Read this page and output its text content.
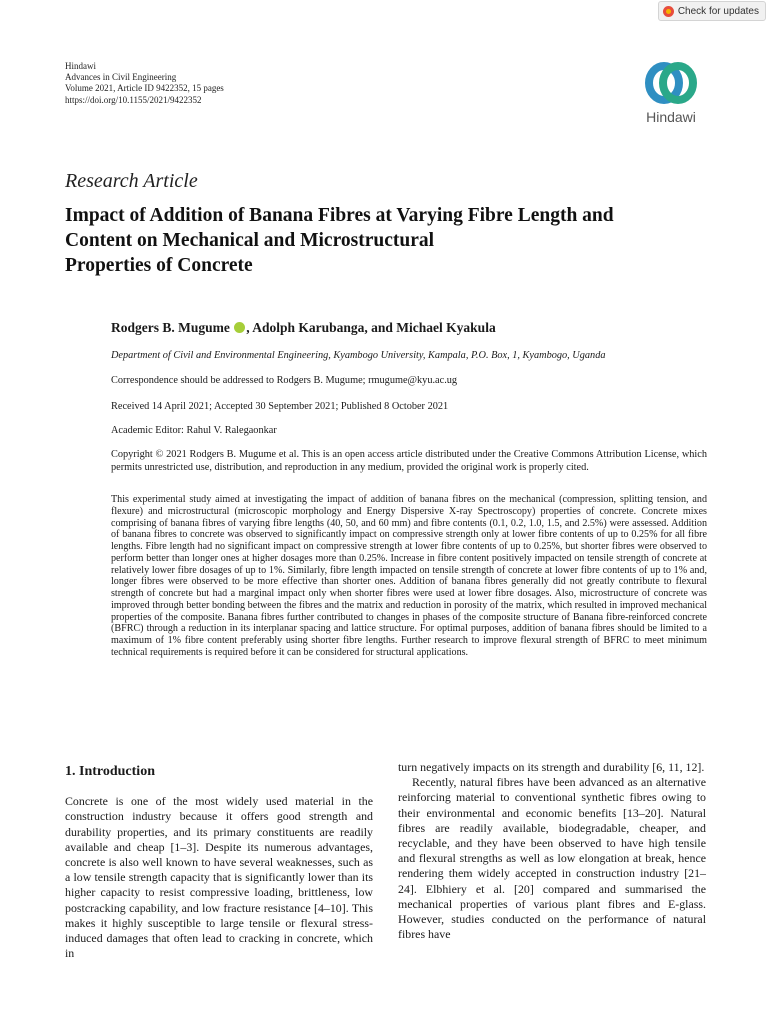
Check for updates
Hindawi
Advances in Civil Engineering
Volume 2021, Article ID 9422352, 15 pages
https://doi.org/10.1155/2021/9422352
Hindawi
Research Article
Impact of Addition of Banana Fibres at Varying Fibre Length and
Content on Mechanical and Microstructural
Properties of Concrete
Rodgers B. Mugume , Adolph Karubanga, and Michael Kyakula
Department of Civil and Environmental Engineering, Kyambogo University, Kampala, P.O. Box, 1, Kyambogo, Uganda
Correspondence should be addressed to Rodgers B. Mugume; rmugume@kyu.ac.ug
Received 14 April 2021; Accepted 30 September 2021; Published 8 October 2021
Academic Editor: Rahul V. Ralegaonkar
Copyright © 2021 Rodgers B. Mugume et al. This is an open access article distributed under the Creative Commons Attribution License, which permits unrestricted use, distribution, and reproduction in any medium, provided the original work is properly cited.

This experimental study aimed at investigating the impact of addition of banana fibres on the mechanical (compression, splitting tension, and flexure) and microstructural (microscopic morphology and Energy Dispersive X-ray Spectroscopy) properties of concrete. Concrete mixes comprising of banana fibres of varying fibre lengths (40, 50, and 60 mm) and fibre contents (0.1, 0.2, 1.0, 1.5, and 2.5%) were assessed. Addition of banana fibres to concrete was observed to significantly impact on compressive strength only at lower fibre contents of up to 0.25% for all fibre lengths. Fibre length had no significant impact on compressive strength at lower fibre contents of up to 0.25%, but shorter fibres were observed to perform better than longer ones at higher dosages more than 0.25%. Increase in fibre content positively impacted on tensile strength of concrete at relatively lower fibre dosages of up to 1%. Similarly, fibre length impacted on tensile strength of concrete at lower fibre contents of up to 1% and, longer fibres were observed to be more effective than shorter ones. Addition of banana fibres generally did not greatly contribute to flexural strength of concrete but had a marginal impact only when shorter fibres were used at lower fibre dosages. Also, microstructure of concrete was improved through better bonding between the fibres and the matrix and reduction in porosity of the matrix, which resulted in improved mechanical properties of the composite. Banana fibres further contributed to changes in phases of the composite structure of Banana fibre-reinforced concrete (BFRC) through a reduction in its interplanar spacing and lattice structure. For optimal purposes, addition of banana fibres should be limited to a maximum of 1% fibre content preferably using shorter fibre lengths. Further research to improve flexural strength of BFRC to meet minimum technical requirements is required before it can be considered for structural applications.

1. Introduction

Concrete is one of the most widely used material in the construction industry because it offers good strength and durability properties, and its primary constituents are readily available and cheap [1–3]. Despite its numerous advantages, concrete is also well known to have several weaknesses, such as a low tensile strength capacity that is significantly lower than its higher capacity to resist compressive loading, brittleness, low postcracking capability, and low fracture resistance [4–10]. This makes it highly susceptible to large tensile or flexural stress-induced damages that often lead to cracking in concrete, which in

turn negatively impacts on its strength and durability [6, 11, 12].

Recently, natural fibres have been advanced as an alternative reinforcing material to conventional synthetic fibres owing to their environmental and economic benefits [13–20]. Natural fibres are readily available, biodegradable, cheaper, and recyclable, and they have been observed to have high tensile and flexural strengths as well as low elongation at break, hence rendering them widely accepted in construction industry [21–24]. Elbhiery et al. [20] compared and summarised the mechanical properties of various plant fibres and E-glass. However, studies conducted on the performance of natural fibres have
